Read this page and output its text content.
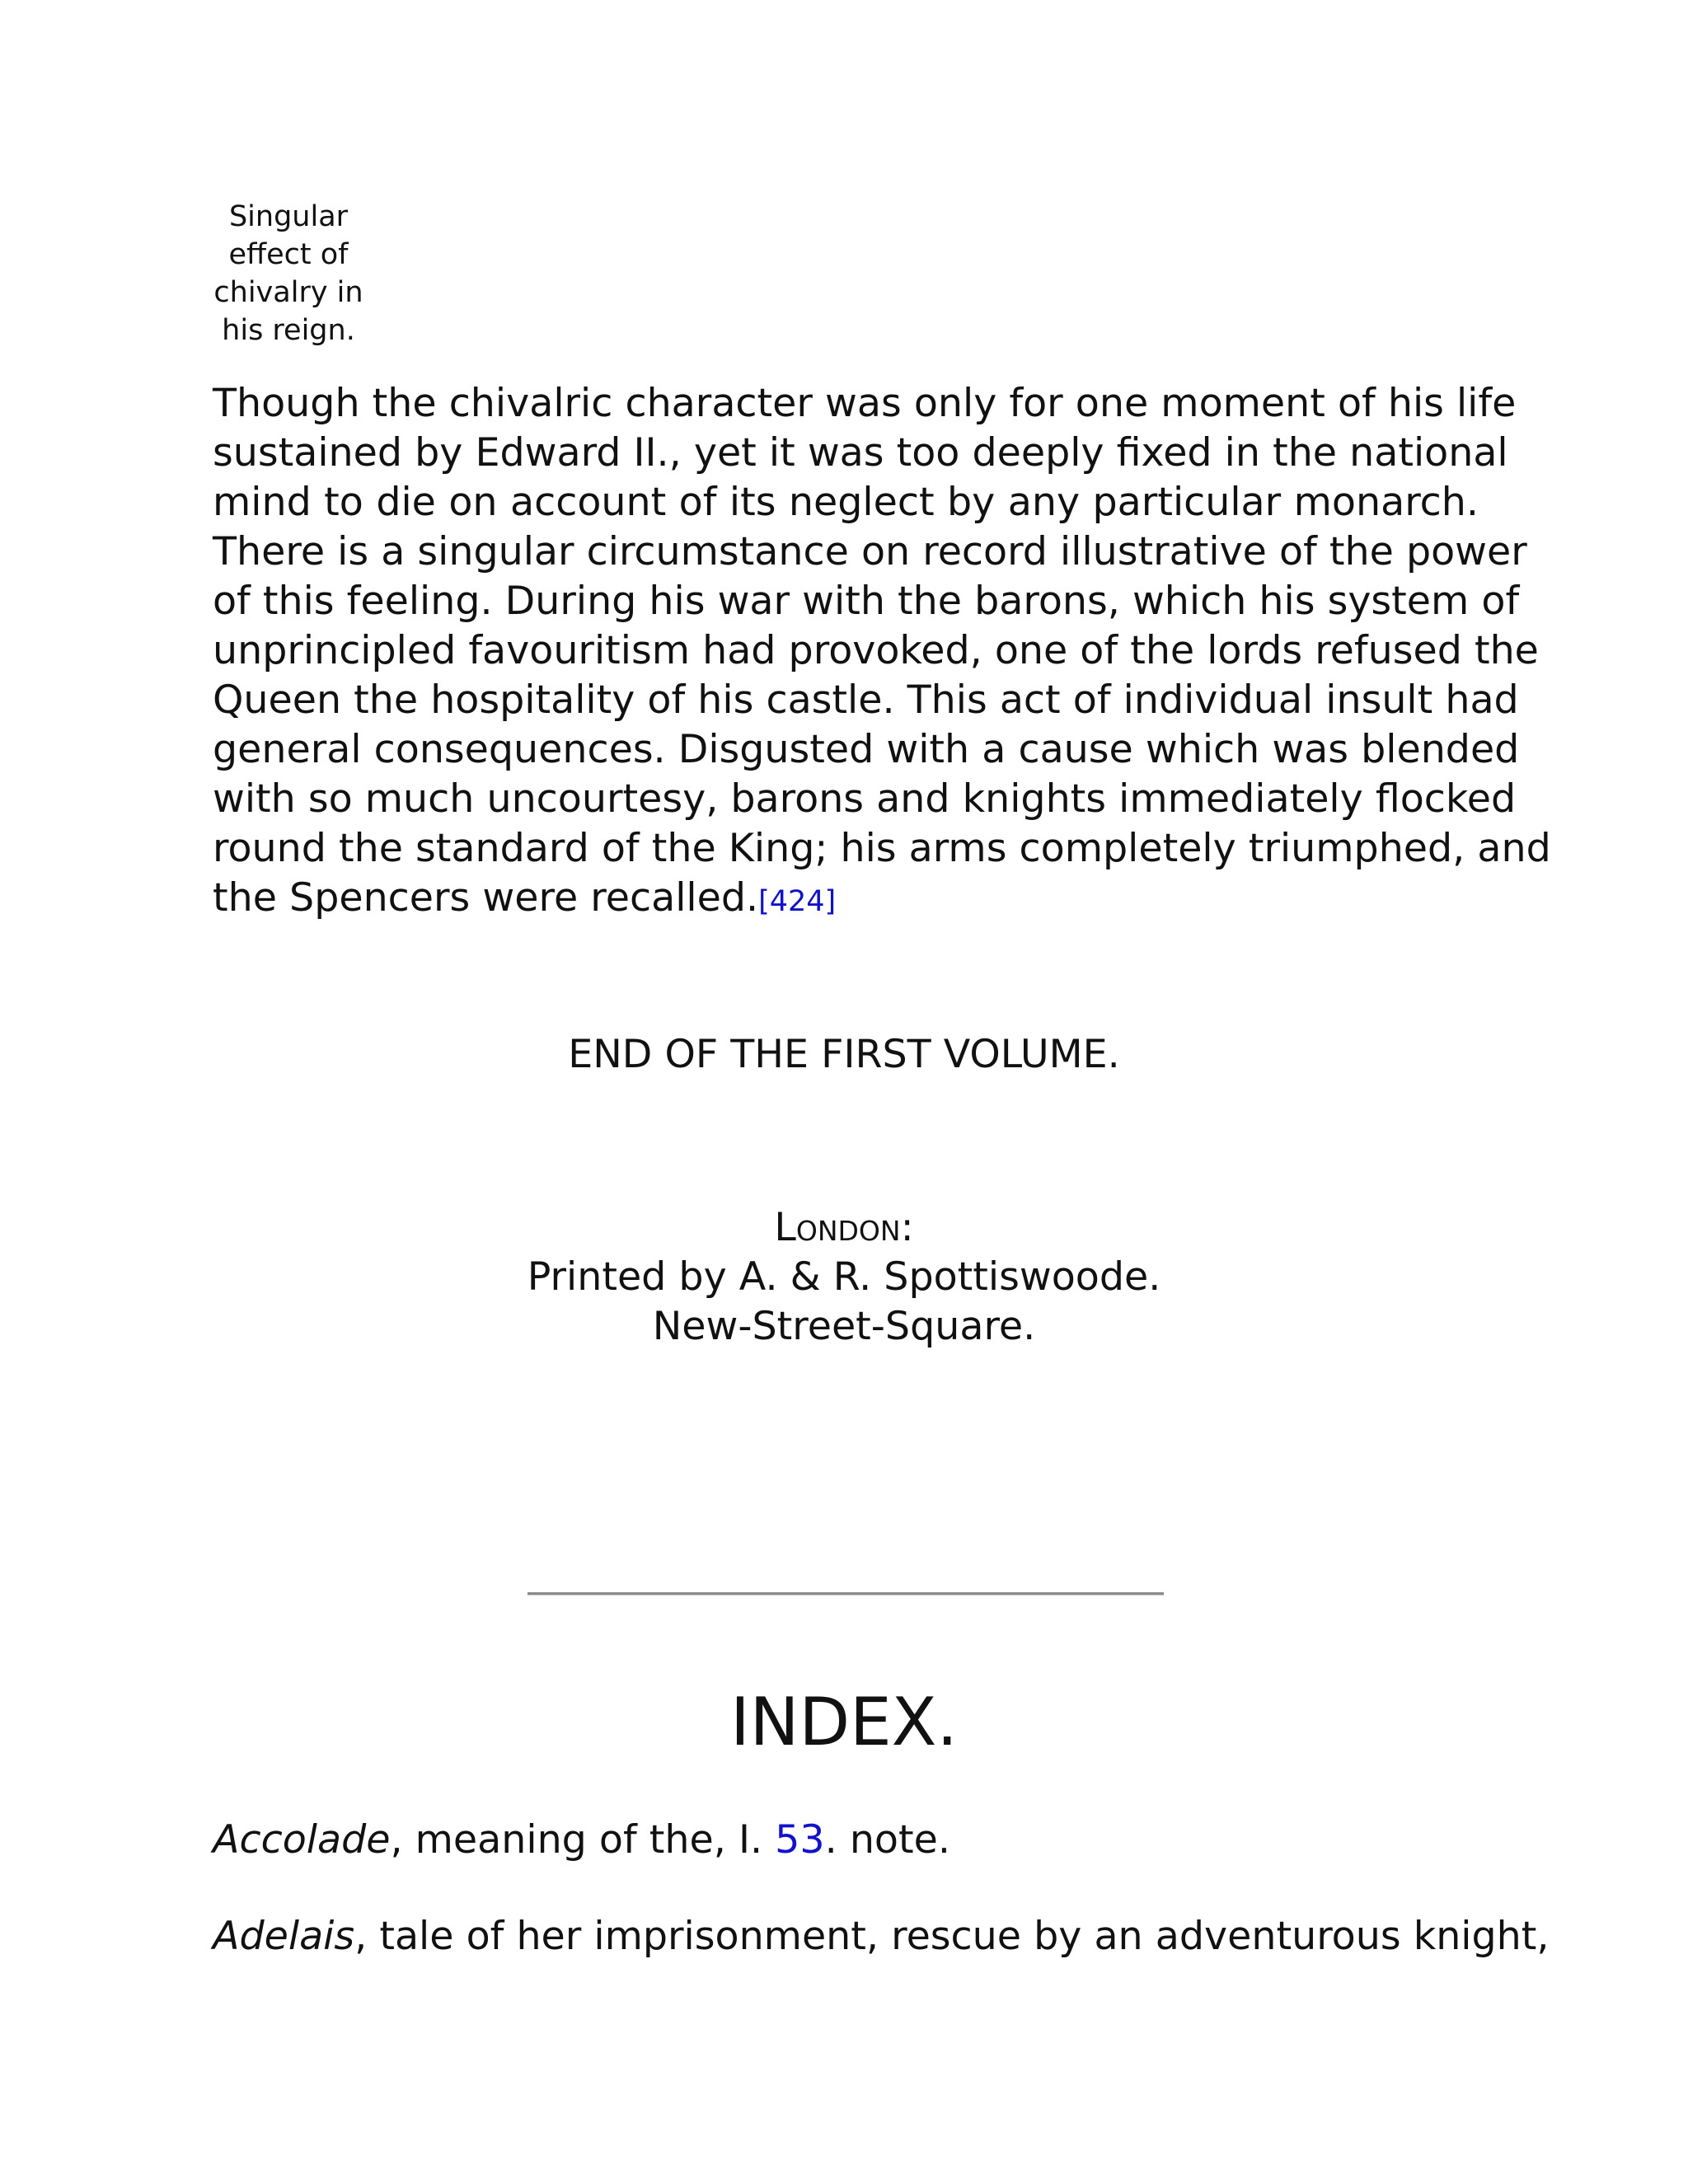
Singular
effect of
chivalry in
his reign.

Though the chivalric character was only for one moment of his life
sustained by Edward II., yet it was too deeply fixed in the national
mind to die on account of its neglect by any particular monarch.
There is a singular circumstance on record illustrative of the power
of this feeling. During his war with the barons, which his system of
unprincipled favouritism had provoked, one of the lords refused the
Queen the hospitality of his castle. This act of individual insult had
general consequences. Disgusted with a cause which was blended
with so much uncourtesy, barons and knights immediately flocked
round the standard of the King; his arms completely triumphed, and
the Spencers were recalled.[424]

END OF THE FIRST VOLUME.
London:
Printed by A. & R. Spottiswoode.
New-Street-Square.
INDEX.

Accolade, meaning of the, I. 53. note.

Adelais, tale of her imprisonment, rescue by an adventurous knight,
